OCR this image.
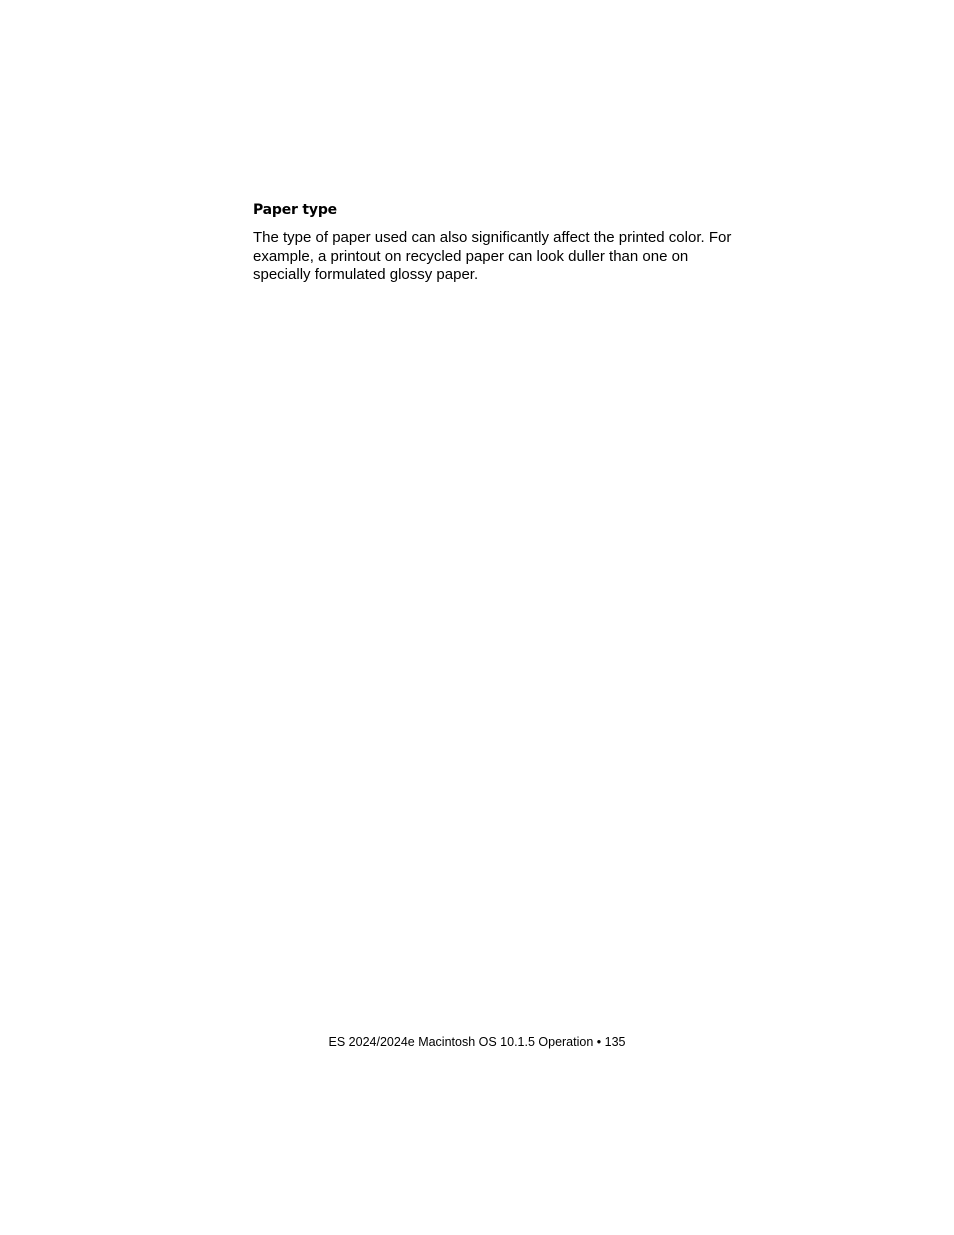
Paper type

The type of paper used can also significantly affect the printed color. For example, a printout on recycled paper can look duller than one on specially formulated glossy paper.

ES 2024/2024e Macintosh OS 10.1.5 Operation • 135
